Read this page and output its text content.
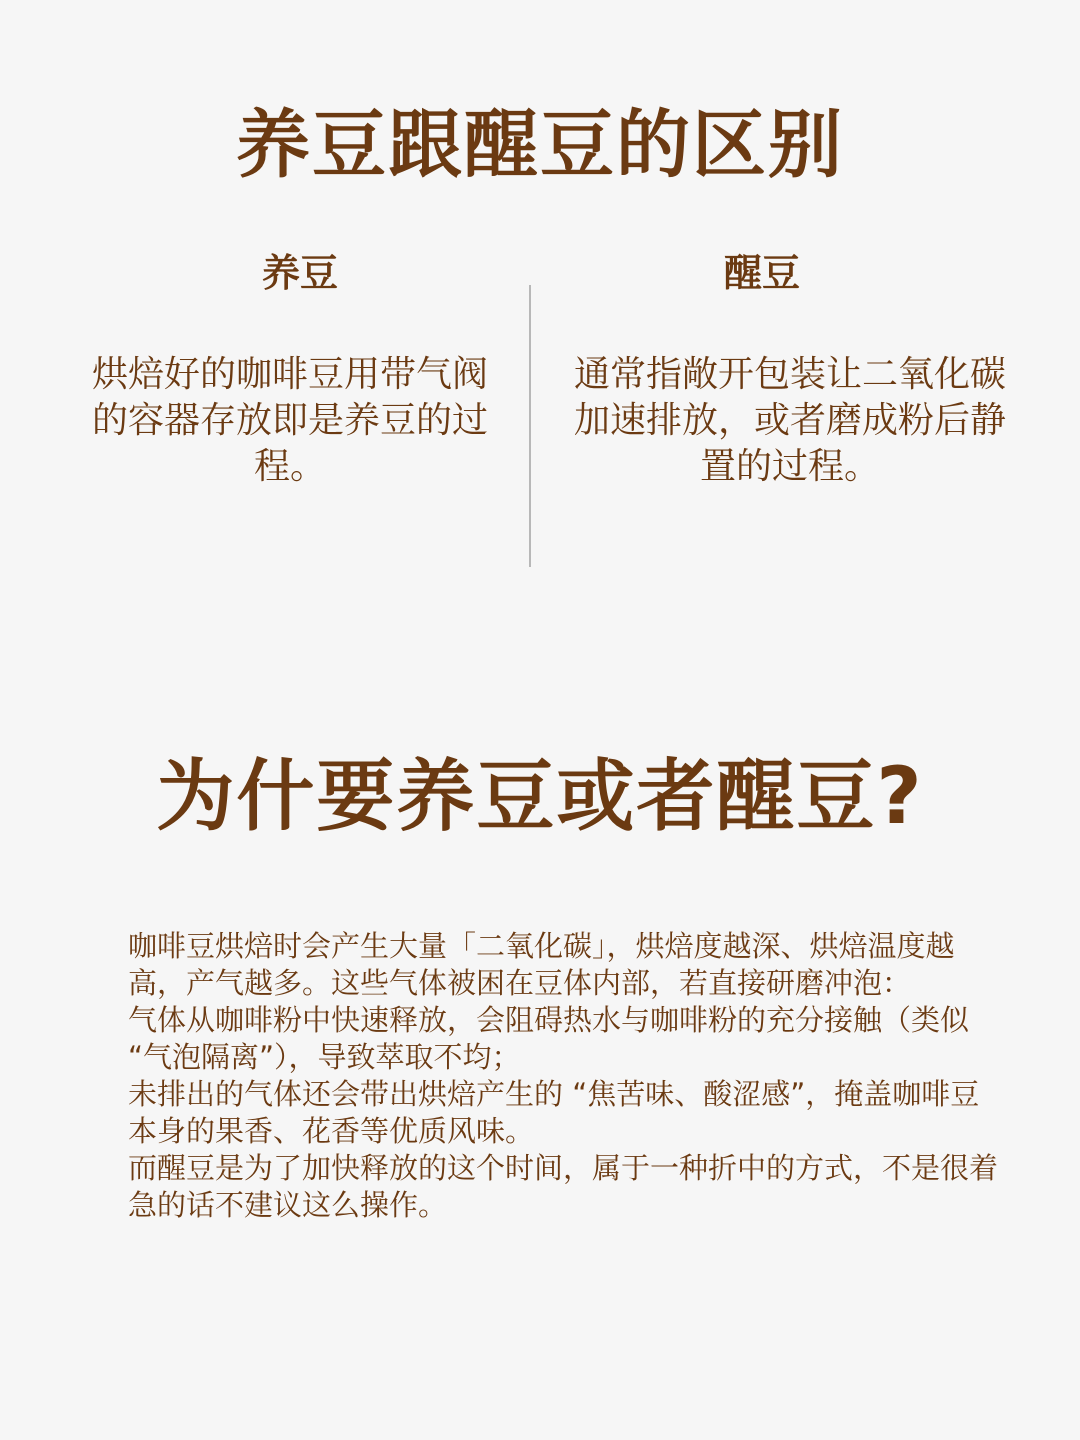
养豆跟醒豆的区别
养豆	醒豆
烘焙好的咖啡豆用带气阀的容器存放即是养豆的过程。
通常指敞开包装让二氧化碳加速排放，或者磨成粉后静置的过程。
为什要养豆或者醒豆?

咖啡豆烘焙时会产生大量「二氧化碳」，烘焙度越深、烘焙温度越高，产气越多。这些气体被困在豆体内部，若直接研磨冲泡：

气体从咖啡粉中快速释放，会阻碍热水与咖啡粉的充分接触（类似 “气泡隔离”），导致萃取不均；

未排出的气体还会带出烘焙产生的 “焦苦味、酸涩感”，掩盖咖啡豆本身的果香、花香等优质风味。

而醒豆是为了加快释放的这个时间，属于一种折中的方式，不是很着急的话不建议这么操作。
